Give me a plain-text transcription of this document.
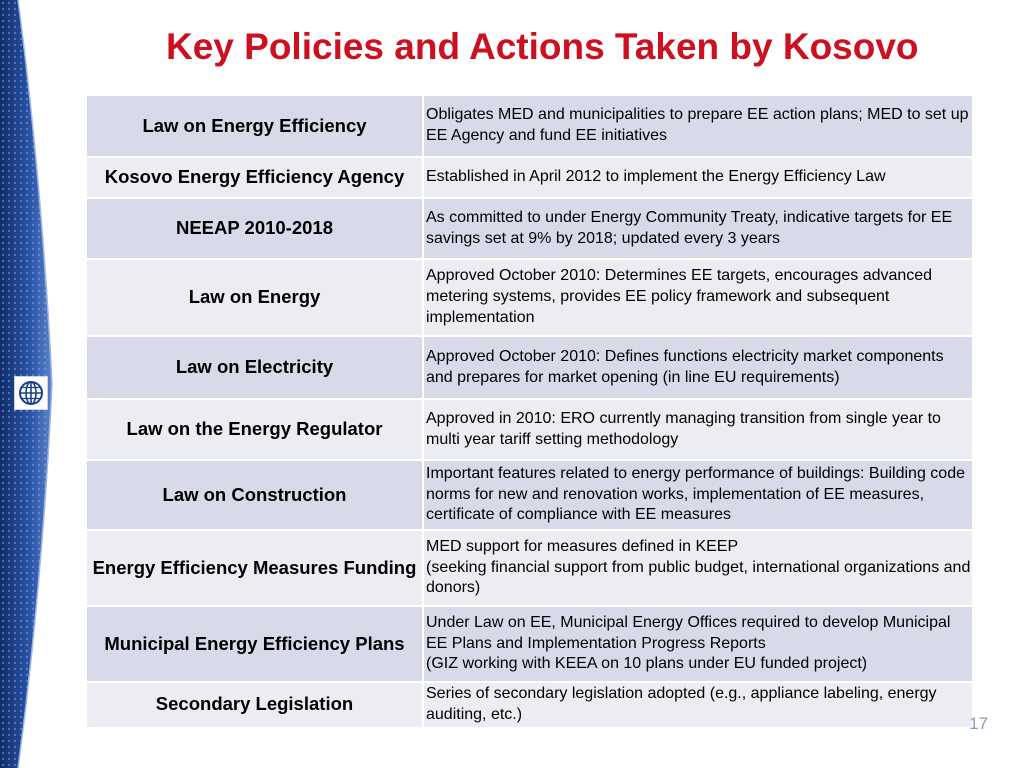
Key Policies and Actions Taken by Kosovo
Law on Energy Efficiency	Obligates MED and municipalities to prepare EE action plans; MED to set up EE Agency and fund EE initiatives
Kosovo Energy Efficiency Agency	Established in April 2012 to implement the Energy Efficiency Law
NEEAP 2010-2018	As committed to under Energy Community Treaty, indicative targets for EE savings set at 9% by 2018; updated every 3 years
Law on Energy	Approved October 2010: Determines EE targets, encourages advanced metering systems, provides EE policy framework and subsequent implementation
Law on Electricity	Approved October 2010: Defines functions electricity market components and prepares for market opening (in line EU requirements)
Law on the Energy Regulator	Approved in 2010: ERO currently managing transition from single year to multi year tariff setting methodology
Law on Construction	Important features related to energy performance of buildings: Building code norms for new and renovation works, implementation of EE measures, certificate of compliance with EE measures
Energy Efficiency Measures Funding	MED support for measures defined in KEEP
(seeking financial support from public budget, international organizations and donors)
Municipal Energy Efficiency Plans	Under Law on EE, Municipal Energy Offices required to develop Municipal EE Plans and Implementation Progress Reports
(GIZ working with KEEA on 10 plans under EU funded project)
Secondary Legislation	Series of secondary legislation adopted (e.g., appliance labeling, energy auditing, etc.)	17
